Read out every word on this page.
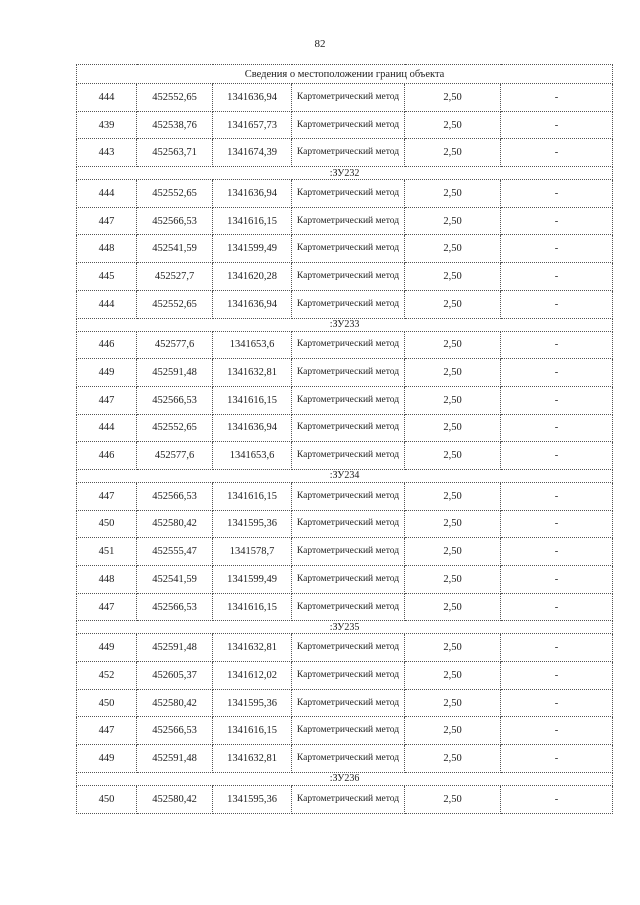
82
Сведения о местоположении границ объекта					
444	452552,65	1341636,94	Картометрический метод	2,50	-
439	452538,76	1341657,73	Картометрический метод	2,50	-
443	452563,71	1341674,39	Картометрический метод	2,50	-
:ЗУ232					
444	452552,65	1341636,94	Картометрический метод	2,50	-
447	452566,53	1341616,15	Картометрический метод	2,50	-
448	452541,59	1341599,49	Картометрический метод	2,50	-
445	452527,7	1341620,28	Картометрический метод	2,50	-
444	452552,65	1341636,94	Картометрический метод	2,50	-
:ЗУ233					
446	452577,6	1341653,6	Картометрический метод	2,50	-
449	452591,48	1341632,81	Картометрический метод	2,50	-
447	452566,53	1341616,15	Картометрический метод	2,50	-
444	452552,65	1341636,94	Картометрический метод	2,50	-
446	452577,6	1341653,6	Картометрический метод	2,50	-
:ЗУ234					
447	452566,53	1341616,15	Картометрический метод	2,50	-
450	452580,42	1341595,36	Картометрический метод	2,50	-
451	452555,47	1341578,7	Картометрический метод	2,50	-
448	452541,59	1341599,49	Картометрический метод	2,50	-
447	452566,53	1341616,15	Картометрический метод	2,50	-
:ЗУ235					
449	452591,48	1341632,81	Картометрический метод	2,50	-
452	452605,37	1341612,02	Картометрический метод	2,50	-
450	452580,42	1341595,36	Картометрический метод	2,50	-
447	452566,53	1341616,15	Картометрический метод	2,50	-
449	452591,48	1341632,81	Картометрический метод	2,50	-
:ЗУ236					
450	452580,42	1341595,36	Картометрический метод	2,50	-
